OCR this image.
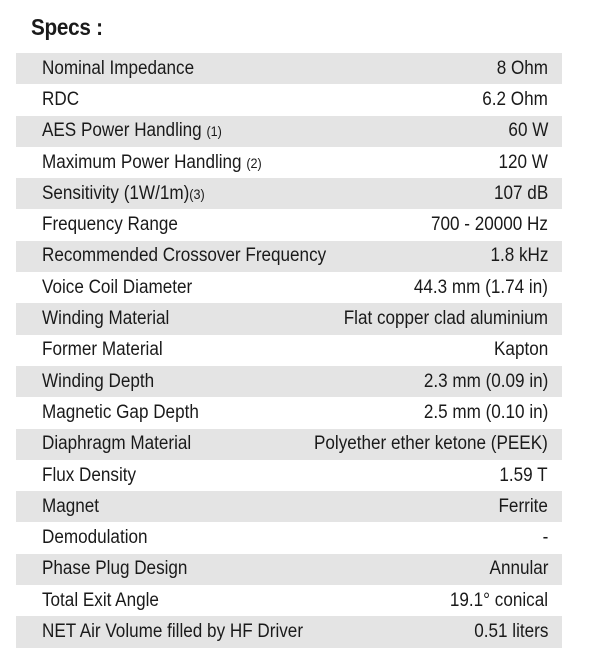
Specs :
Nominal Impedance	8 Ohm
RDC	6.2 Ohm
AES Power Handling (1)	60 W
Maximum Power Handling (2)	120 W
Sensitivity (1W/1m)(3)	107 dB
Frequency Range	700 - 20000 Hz
Recommended Crossover Frequency	1.8 kHz
Voice Coil Diameter	44.3 mm (1.74 in)
Winding Material	Flat copper clad aluminium
Former Material	Kapton
Winding Depth	2.3 mm (0.09 in)
Magnetic Gap Depth	2.5 mm (0.10 in)
Diaphragm Material	Polyether ether ketone (PEEK)
Flux Density	1.59 T
Magnet	Ferrite
Demodulation	-
Phase Plug Design	Annular
Total Exit Angle	19.1° conical
NET Air Volume filled by HF Driver	0.51 liters
